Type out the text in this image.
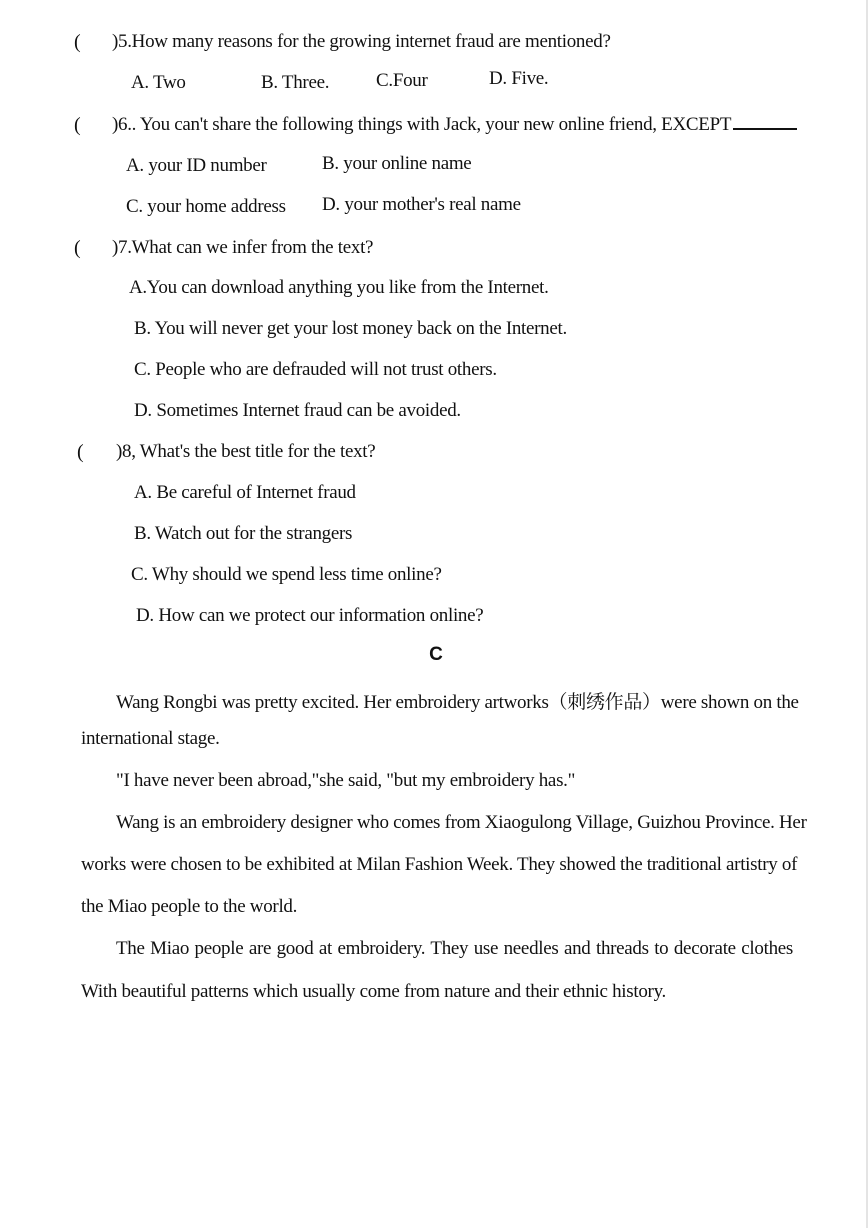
( )5.How many reasons for the growing internet fraud are mentioned?
A. Two	B. Three. C.Four	D. Five.
( )6.. You can't share the following things with Jack, your new online friend, EXCEPT
A. your ID number	B. your online name
C. your home address D. your mother's real name
( )7.What can we infer from the text?
A.You can download anything you like from the Internet.
B. You will never get your lost money back on the Internet.
C. People who are defrauded will not trust others.
D. Sometimes Internet fraud can be avoided.
( )8, What's the best title for the text?
A. Be careful of Internet fraud
B. Watch out for the strangers
C. Why should we spend less time online?
D. How can we protect our information online?
C
Wang Rongbi was pretty excited. Her embroidery artworks（刺绣作品）were shown on the
international stage.
"I have never been abroad,"she said, "but my embroidery has."
Wang is an embroidery designer who comes from Xiaogulong Village, Guizhou Province. Her
works were chosen to be exhibited at Milan Fashion Week. They showed the traditional artistry of
the Miao people to the world.
The Miao people are good at embroidery. They use needles and threads to decorate clothes
With beautiful patterns which usually come from nature and their ethnic history.
